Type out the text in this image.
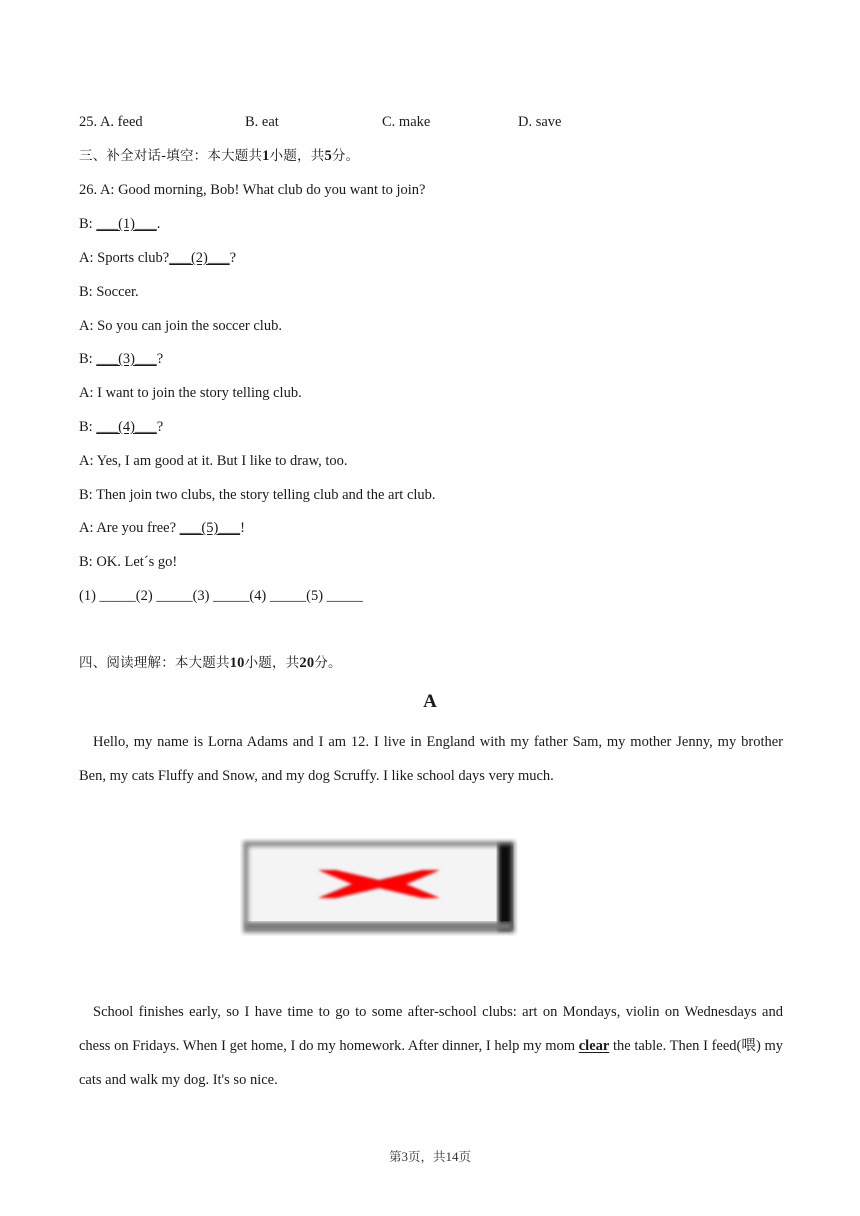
25. A. feed	B. eat	C. make	D. save
三、补全对话-填空：本大题共1小题，共5分。
26. A: Good morning, Bob! What club do you want to join?
B: ___(1)___.
A: Sports club?___(2)___?
B: Soccer.
A: So you can join the soccer club.
B: ___(3)___?
A: I want to join the story telling club.
B: ___(4)___?
A: Yes, I am good at it. But I like to draw, too.
B: Then join two clubs, the story telling club and the art club.
A: Are you free? ___(5)___!
B: OK. Letˊs go!
(1) _____(2) _____(3) _____(4) _____(5) _____
四、阅读理解：本大题共10小题，共20分。
A
Hello, my name is Lorna Adams and I am 12. I live in England with my father Sam, my mother Jenny, my brother Ben, my cats Fluffy and Snow, and my dog Scruffy. I like school days very much.
School finishes early, so I have time to go to some after-school clubs: art on Mondays, violin on Wednesdays and chess on Fridays. When I get home, I do my homework. After dinner, I help my mom clear the table. Then I feed(喂) my cats and walk my dog. It's so nice.
第3页，共14页
